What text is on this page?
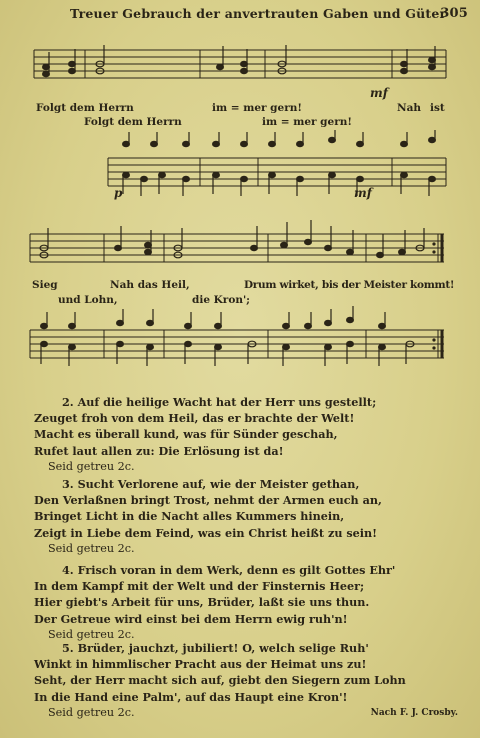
Treuer Gebrauch der anvertrauten Gaben und Güter
305
Folgt dem Herrn	im = mer gern!	Nah ist
mf
Folgt dem Herrn	im = mer gern!
p	mf
Sieg	Nah das Heil,	Drum wirket, bis der Meister kommt!
und Lohn,	die Kron';
2. Auf die heilige Wacht hat der Herr uns gestellt;
Zeuget froh von dem Heil, das er brachte der Welt!
Macht es überall kund, was für Sünder geschah,
Rufet laut allen zu: Die Erlösung ist da!
Seid getreu 2c.
3. Sucht Verlorene auf, wie der Meister gethan,
Den Verlaßnen bringt Trost, nehmt der Armen euch an,
Bringet Licht in die Nacht alles Kummers hinein,
Zeigt in Liebe dem Feind, was ein Christ heißt zu sein!
Seid getreu 2c.
4. Frisch voran in dem Werk, denn es gilt Gottes Ehr'
In dem Kampf mit der Welt und der Finsternis Heer;
Hier giebt's Arbeit für uns, Brüder, laßt sie uns thun.
Der Getreue wird einst bei dem Herrn ewig ruh'n!
Seid getreu 2c.
5. Brüder, jauchzt, jubiliert! O, welch selige Ruh'
Winkt in himmlischer Pracht aus der Heimat uns zu!
Seht, der Herr macht sich auf, giebt den Siegern zum Lohn
In die Hand eine Palm', auf das Haupt eine Kron'!
Seid getreu 2c.	Nach F. J. Crosby.
